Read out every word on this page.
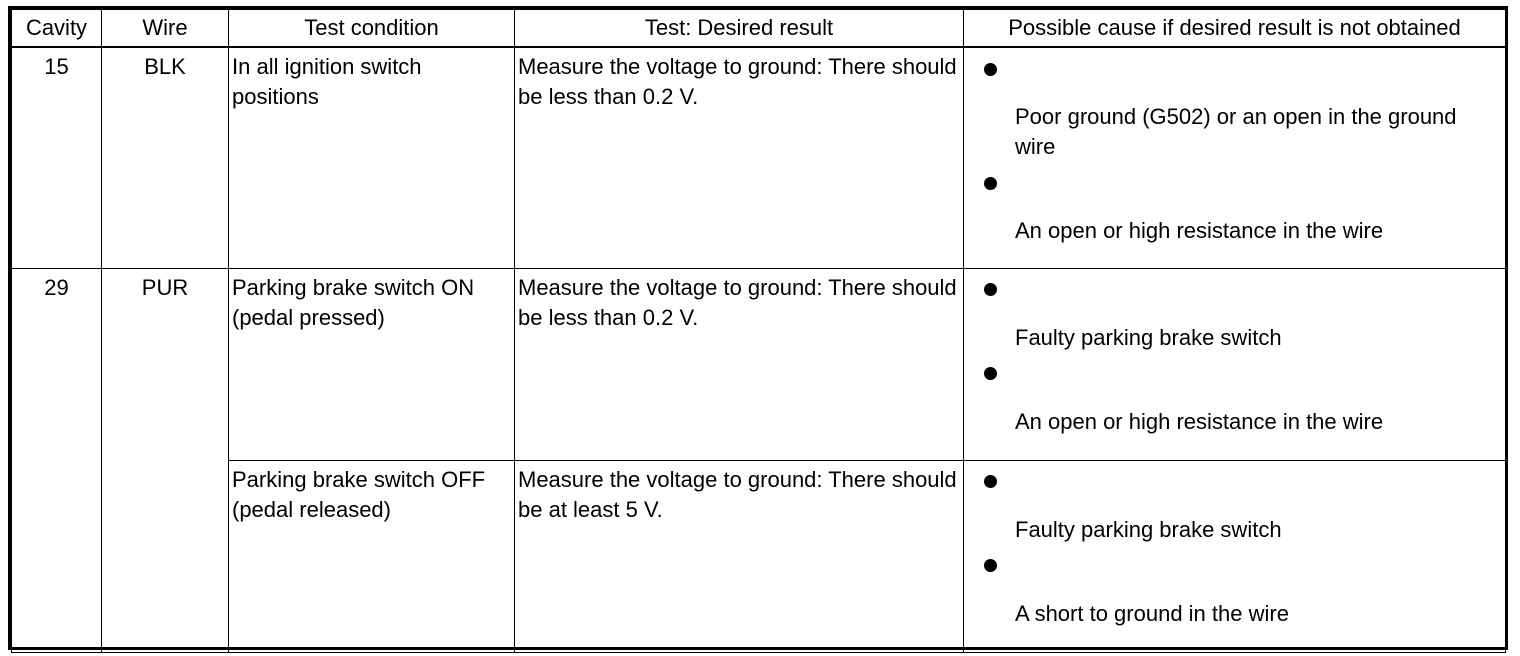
Cavity	Wire	Test condition	Test: Desired result	Possible cause if desired result is not obtained
15	BLK	In all ignition switch positions	Measure the voltage to ground: There should be less than 0.2 V.	Poor ground (G502) or an open in the ground wire
An open or high resistance in the wire

29	PUR	Parking brake switch ON (pedal pressed)	Measure the voltage to ground: There should be less than 0.2 V.	Faulty parking brake switch
An open or high resistance in the wire

		Parking brake switch OFF (pedal released)	Measure the voltage to ground: There should be at least 5 V.	Faulty parking brake switch
A short to ground in the wire
